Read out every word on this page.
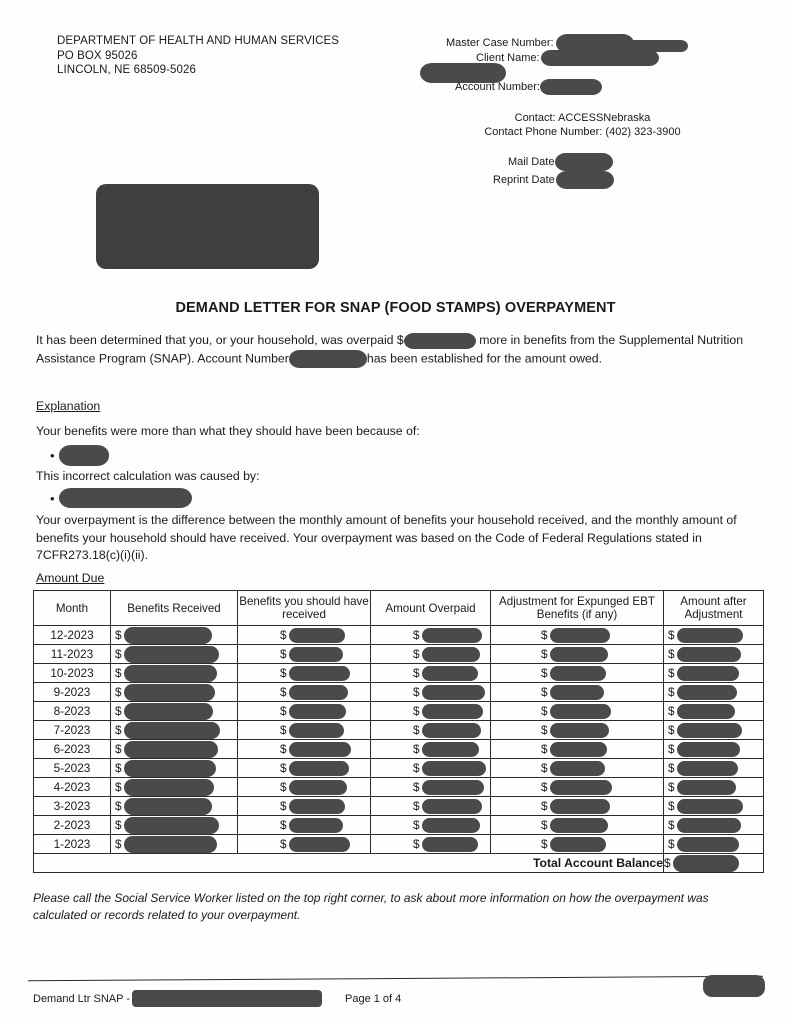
DEPARTMENT OF HEALTH AND HUMAN SERVICES
PO BOX 95026
LINCOLN, NE 68509-5026
Master Case Number:
Client Name:
Account Number:
Contact: ACCESSNebraska
Contact Phone Number: (402) 323-3900
Mail Date
Reprint Date
DEMAND LETTER FOR SNAP (FOOD STAMPS) OVERPAYMENT
It has been determined that you, or your household, was overpaid $	more in benefits from the Supplemental Nutrition Assistance Program (SNAP). Account Number	has been established for the amount owed.
Explanation
Your benefits were more than what they should have been because of:
•
This incorrect calculation was caused by:
•
Your overpayment is the difference between the monthly amount of benefits your household received, and the monthly amount of benefits your household should have received. Your overpayment was based on the Code of Federal Regulations stated in 7CFR273.18(c)(i)(ii).
Amount Due
Month	Benefits Received	Benefits you should have received	Amount Overpaid	Adjustment for Expunged EBT Benefits (if any)	Amount after Adjustment
12-2023	$	$	$	$	$

11-2023	$	$	$	$	$

10-2023	$	$	$	$	$

9-2023	$	$	$	$	$

8-2023	$	$	$	$	$

7-2023	$	$	$	$	$

6-2023	$	$	$	$	$

5-2023	$	$	$	$	$

4-2023	$	$	$	$	$

3-2023	$	$	$	$	$

2-2023	$	$	$	$	$

1-2023	$	$	$	$	$

Total Account Balance					$
Please call the Social Service Worker listed on the top right corner, to ask about more information on how the overpayment was calculated or records related to your overpayment.
Demand Ltr SNAP -	Page 1 of 4
